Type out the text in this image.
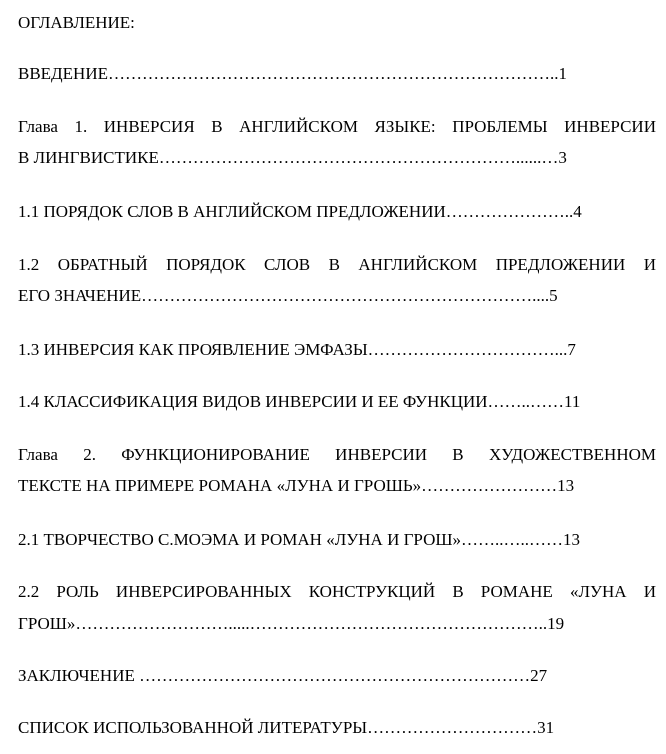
ОГЛАВЛЕНИЕ:
ВВЕДЕНИЕ……………………………………………………………………..1
Глава 1. ИНВЕРСИЯ В АНГЛИЙСКОМ ЯЗЫКЕ: ПРОБЛЕМЫ ИНВЕРСИИ
В ЛИНГВИСТИКЕ………………………………………………………......…3
1.1 ПОРЯДОК СЛОВ В АНГЛИЙСКОМ ПРЕДЛОЖЕНИИ…………………..4
1.2 ОБРАТНЫЙ ПОРЯДОК СЛОВ В АНГЛИЙСКОМ ПРЕДЛОЖЕНИИ И
ЕГО ЗНАЧЕНИЕ……………………………………………………………....5
1.3 ИНВЕРСИЯ КАК ПРОЯВЛЕНИЕ ЭМФАЗЫ……………………………...7
1.4 КЛАССИФИКАЦИЯ ВИДОВ ИНВЕРСИИ И ЕЕ ФУНКЦИИ……..……11
Глава 2. ФУНКЦИОНИРОВАНИЕ ИНВЕРСИИ В ХУДОЖЕСТВЕННОМ
ТЕКСТЕ НА ПРИМЕРЕ РОМАНА «ЛУНА И ГРОШЬ»……………………13
2.1 ТВОРЧЕСТВО С.МОЭМА И РОМАН «ЛУНА И ГРОШ»……..…..……13
2.2 РОЛЬ ИНВЕРСИРОВАННЫХ КОНСТРУКЦИЙ В РОМАНЕ «ЛУНА И
ГРОШ»……………………….....……………………………………………..19
ЗАКЛЮЧЕНИЕ ……………………………………………………………27
СПИСОК ИСПОЛЬЗОВАННОЙ ЛИТЕРАТУРЫ…………………………31
